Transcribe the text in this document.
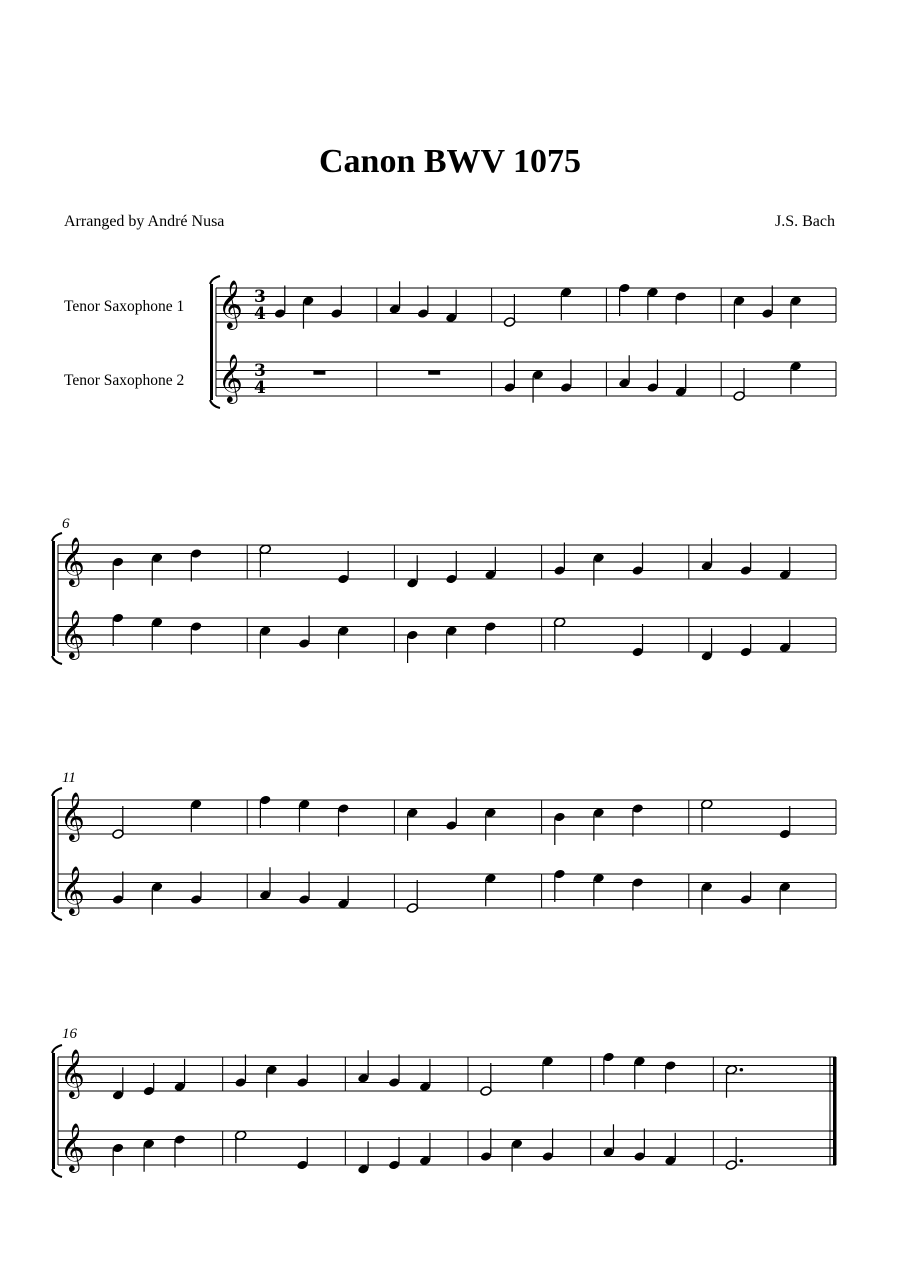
Canon BWV 1075
Arranged by André Nusa	J.S. Bach
𝄞 3
4
𝄞 3
4
𝄞
𝄞
6
𝄞
𝄞
11
𝄞
𝄞
16
Tenor Saxophone 1
Tenor Saxophone 2
